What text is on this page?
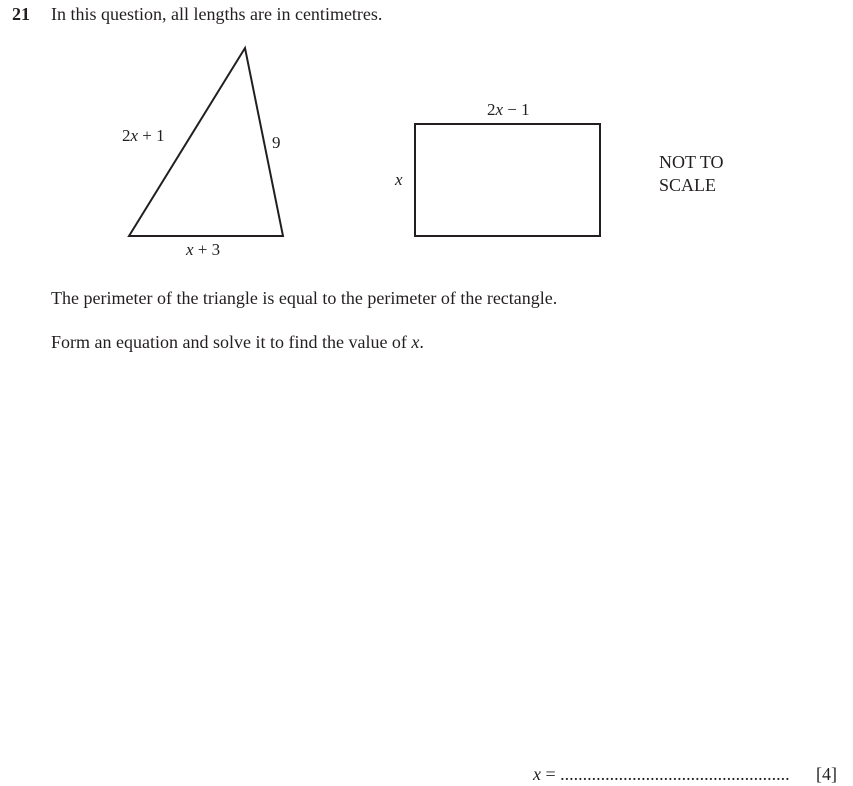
21 In this question, all lengths are in centimetres.
2x + 1	9
x + 3
2x − 1
x
NOT TO
SCALE
The perimeter of the triangle is equal to the perimeter of the rectangle.
Form an equation and solve it to find the value of x.
x = ................................................... [4]
